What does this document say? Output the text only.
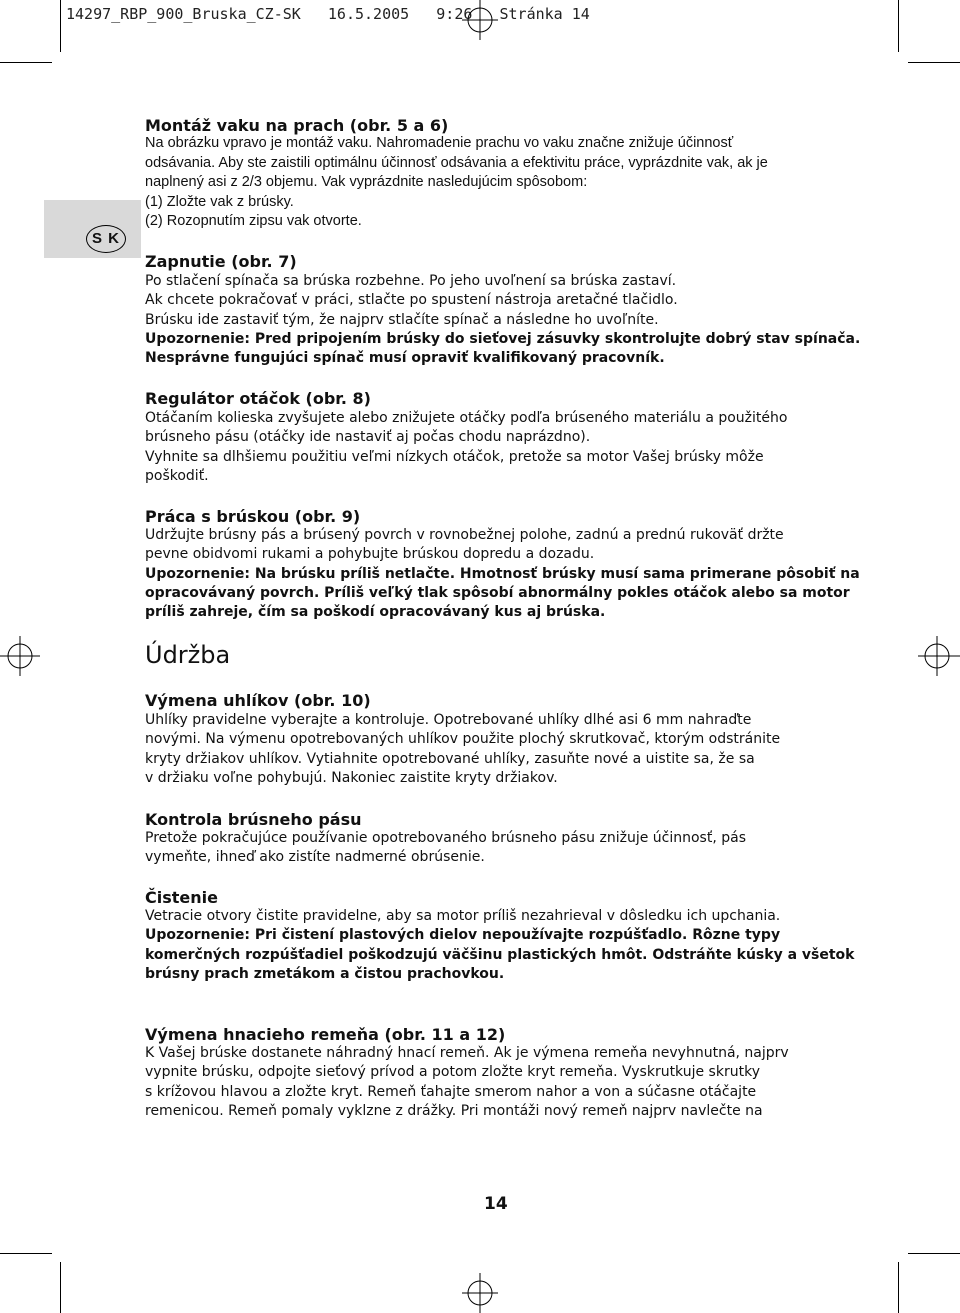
14297_RBP_900_Bruska_CZ-SK   16.5.2005   9:26   Stránka 14
S K
Montáž vaku na prach (obr. 5 a 6)
Na obrázku vpravo je montáž vaku. Nahromadenie prachu vo vaku značne znižuje účinnosť
odsávania. Aby ste zaistili optimálnu účinnosť odsávania a efektivitu práce, vyprázdnite vak, ak je
naplnený asi z 2/3 objemu. Vak vyprázdnite nasledujúcim spôsobom:
(1) Zložte vak z brúsky.
(2) Rozopnutím zipsu vak otvorte.
Zapnutie (obr. 7)
Po stlačení spínača sa brúska rozbehne. Po jeho uvoľnení sa brúska zastaví.
Ak chcete pokračovať v práci, stlačte po spustení nástroja aretačné tlačidlo.
Brúsku ide zastaviť tým, že najprv stlačíte spínač a následne ho uvoľníte.
Upozornenie: Pred pripojením brúsky do sieťovej zásuvky skontrolujte dobrý stav spínača.
Nesprávne fungujúci spínač musí opraviť kvalifikovaný pracovník.
Regulátor otáčok (obr. 8)
Otáčaním kolieska zvyšujete alebo znižujete otáčky podľa brúseného materiálu a použitého
brúsneho pásu (otáčky ide nastaviť aj počas chodu naprázdno).
Vyhnite sa dlhšiemu použitiu veľmi nízkych otáčok, pretože sa motor Vašej brúsky môže
poškodiť.
Práca s brúskou (obr. 9)
Udržujte brúsny pás a brúsený povrch v rovnobežnej polohe, zadnú a prednú rukoväť držte
pevne obidvomi rukami a pohybujte brúskou dopredu a dozadu.
Upozornenie: Na brúsku príliš netlačte. Hmotnosť brúsky musí sama primerane pôsobiť na
opracovávaný povrch. Príliš veľký tlak spôsobí abnormálny pokles otáčok alebo sa motor
príliš zahreje, čím sa poškodí opracovávaný kus aj brúska.
Údržba
Výmena uhlíkov (obr. 10)
Uhlíky pravidelne vyberajte a kontroluje. Opotrebované uhlíky dlhé asi 6 mm nahraďte
novými. Na výmenu opotrebovaných uhlíkov použite plochý skrutkovač, ktorým odstránite
kryty držiakov uhlíkov. Vytiahnite opotrebované uhlíky, zasuňte nové a uistite sa, že sa
v držiaku voľne pohybujú. Nakoniec zaistite kryty držiakov.
Kontrola brúsneho pásu
Pretože pokračujúce používanie opotrebovaného brúsneho pásu znižuje účinnosť, pás
vymeňte, ihneď ako zistíte nadmerné obrúsenie.
Čistenie
Vetracie otvory čistite pravidelne, aby sa motor príliš nezahrieval v dôsledku ich upchania.
Upozornenie: Pri čistení plastových dielov nepoužívajte rozpúšťadlo. Rôzne typy
komerčných rozpúšťadiel poškodzujú väčšinu plastických hmôt. Odstráňte kúsky a všetok
brúsny prach zmetákom a čistou prachovkou.
Výmena hnacieho remeňa (obr. 11 a 12)
K Vašej brúske dostanete náhradný hnací remeň. Ak je výmena remeňa nevyhnutná, najprv
vypnite brúsku, odpojte sieťový prívod a potom zložte kryt remeňa. Vyskrutkuje skrutky
s krížovou hlavou a zložte kryt. Remeň ťahajte smerom nahor a von a súčasne otáčajte
remenicou. Remeň pomaly vyklzne z drážky. Pri montáži nový remeň najprv navlečte na
14
